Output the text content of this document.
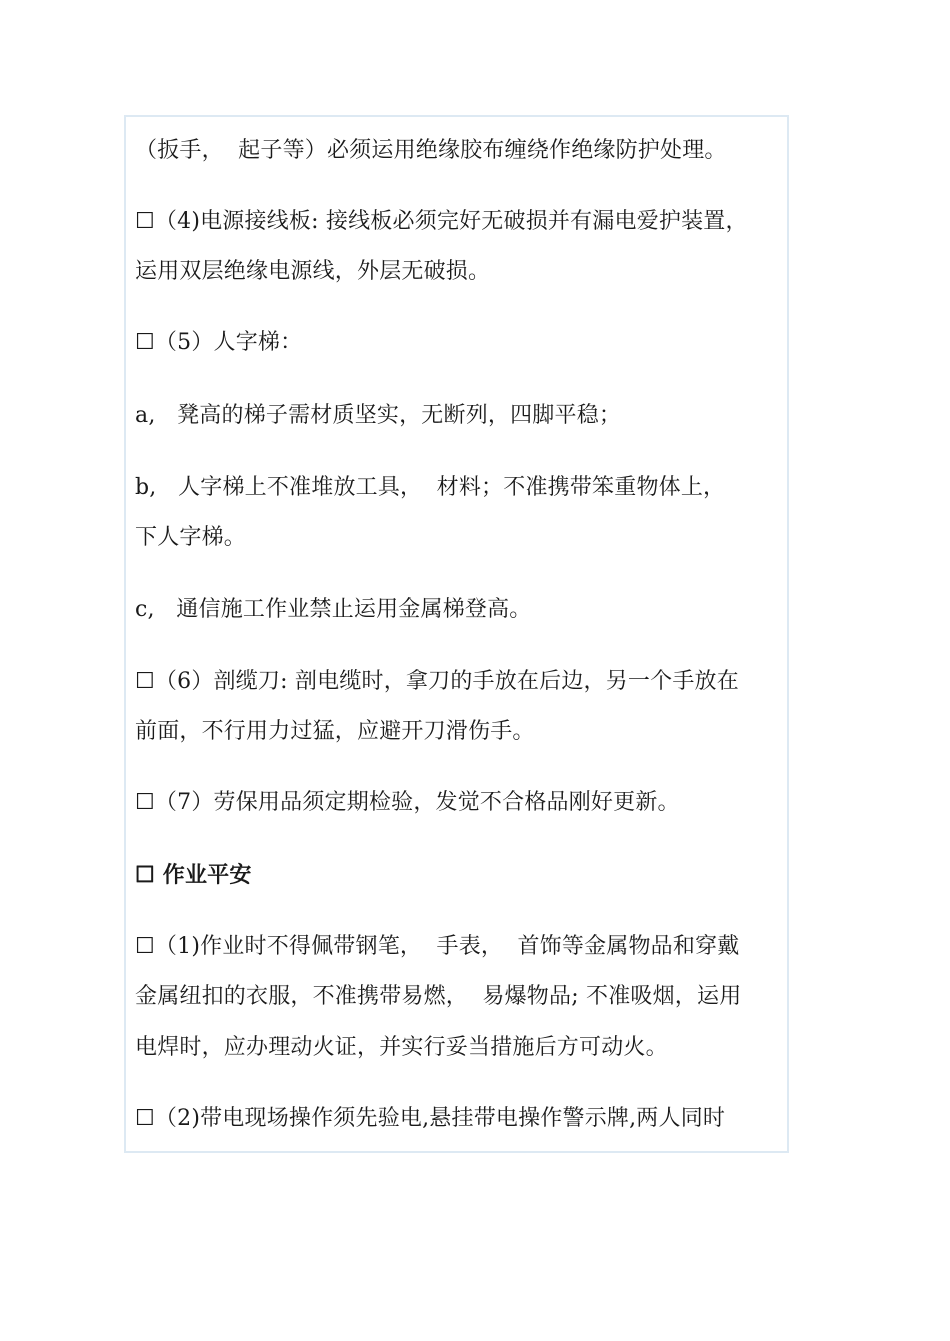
（扳手，  起子等）必须运用绝缘胶布缠绕作绝缘防护处理。
☐（4)电源接线板: 接线板必须完好无破损并有漏电爱护装置，
运用双层绝缘电源线，外层无破损。
☐（5）人字梯：
a,   凳高的梯子需材质坚实，无断列，四脚平稳；
b,   人字梯上不准堆放工具，  材料；不准携带笨重物体上，
下人字梯。
c,   通信施工作业禁止运用金属梯登高。
☐（6）剖缆刀: 剖电缆时，拿刀的手放在后边，另一个手放在
前面，不行用力过猛，应避开刀滑伤手。
☐（7）劳保用品须定期检验，发觉不合格品刚好更新。
☐ 作业平安
☐（1)作业时不得佩带钢笔，  手表，  首饰等金属物品和穿戴
金属纽扣的衣服，不准携带易燃，  易爆物品; 不准吸烟，运用
电焊时，应办理动火证，并实行妥当措施后方可动火。
☐（2)带电现场操作须先验电,悬挂带电操作警示牌,两人同时
